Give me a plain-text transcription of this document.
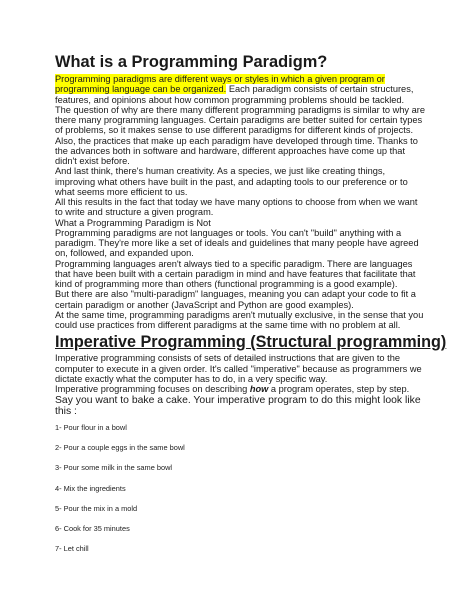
What is a Programming Paradigm?

Programming paradigms are different ways or styles in which a given program or programming language can be organized. Each paradigm consists of certain structures, features, and opinions about how common programming problems should be tackled.

The question of why are there many different programming paradigms is similar to why are there many programming languages. Certain paradigms are better suited for certain types of problems, so it makes sense to use different paradigms for different kinds of projects.

Also, the practices that make up each paradigm have developed through time. Thanks to the advances both in software and hardware, different approaches have come up that didn't exist before.

And last think, there's human creativity. As a species, we just like creating things, improving what others have built in the past, and adapting tools to our preference or to what seems more efficient to us.

All this results in the fact that today we have many options to choose from when we want to write and structure a given program.

What a Programming Paradigm is Not

Programming paradigms are not languages or tools. You can't "build" anything with a paradigm. They're more like a set of ideals and guidelines that many people have agreed on, followed, and expanded upon.

Programming languages aren't always tied to a specific paradigm. There are languages that have been built with a certain paradigm in mind and have features that facilitate that kind of programming more than others (functional programming is a good example).

But there are also "multi-paradigm" languages, meaning you can adapt your code to fit a certain paradigm or another (JavaScript and Python are good examples).

At the same time, programming paradigms aren't mutually exclusive, in the sense that you could use practices from different paradigms at the same time with no problem at all.

Imperative Programming (Structural programming)

Imperative programming consists of sets of detailed instructions that are given to the computer to execute in a given order. It's called "imperative" because as programmers we dictate exactly what the computer has to do, in a very specific way.

Imperative programming focuses on describing how a program operates, step by step.

Say you want to bake a cake. Your imperative program to do this might look like this :

1- Pour flour in a bowl
2- Pour a couple eggs in the same bowl
3- Pour some milk in the same bowl
4- Mix the ingredients
5- Pour the mix in a mold
6- Cook for 35 minutes
7- Let chill
